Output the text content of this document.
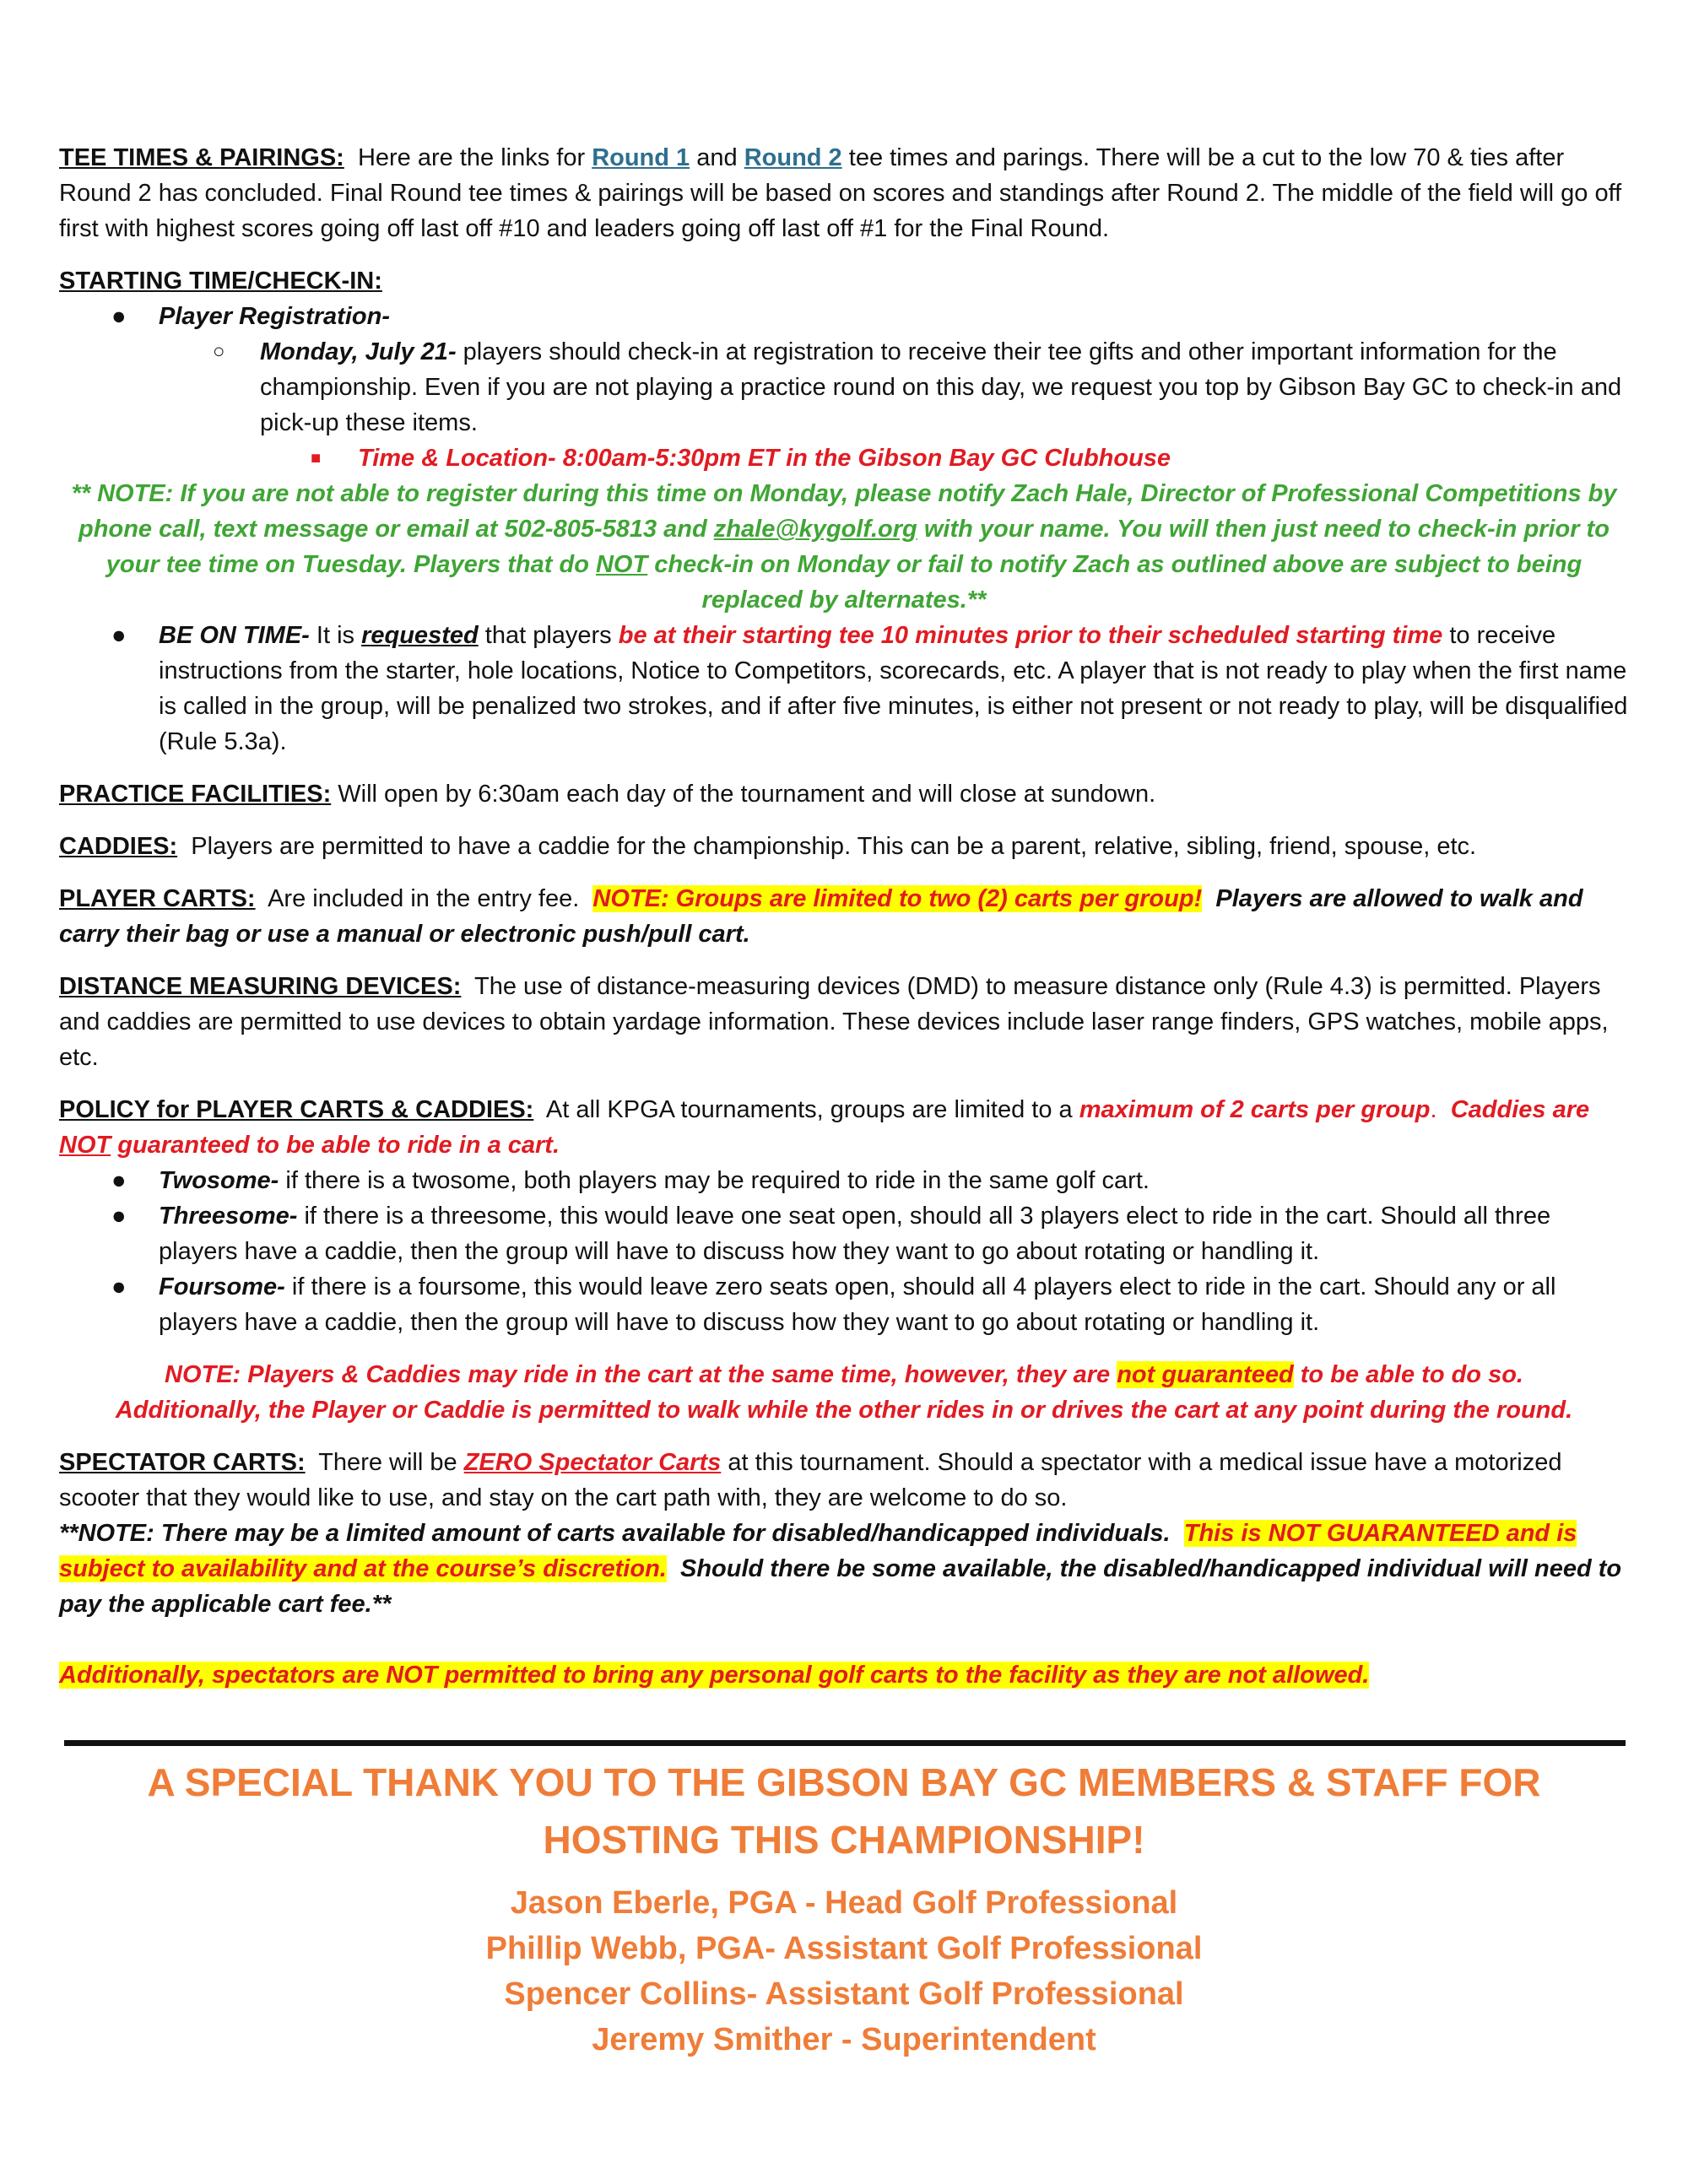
TEE TIMES & PAIRINGS: Here are the links for Round 1 and Round 2 tee times and parings. There will be a cut to the low 70 & ties after Round 2 has concluded. Final Round tee times & pairings will be based on scores and standings after Round 2. The middle of the field will go off first with highest scores going off last off #10 and leaders going off last off #1 for the Final Round.

STARTING TIME/CHECK-IN:
● Player Registration-
○ Monday, July 21- players should check-in at registration to receive their tee gifts and other important information for the championship. Even if you are not playing a practice round on this day, we request you top by Gibson Bay GC to check-in and pick-up these items.
■ Time & Location- 8:00am-5:30pm ET in the Gibson Bay GC Clubhouse
** NOTE: If you are not able to register during this time on Monday, please notify Zach Hale, Director of Professional Competitions by phone call, text message or email at 502-805-5813 and zhale@kygolf.org with your name. You will then just need to check-in prior to your tee time on Tuesday. Players that do NOT check-in on Monday or fail to notify Zach as outlined above are subject to being replaced by alternates.**
● BE ON TIME- It is requested that players be at their starting tee 10 minutes prior to their scheduled starting time to receive instructions from the starter, hole locations, Notice to Competitors, scorecards, etc. A player that is not ready to play when the first name is called in the group, will be penalized two strokes, and if after five minutes, is either not present or not ready to play, will be disqualified (Rule 5.3a).

PRACTICE FACILITIES: Will open by 6:30am each day of the tournament and will close at sundown.

CADDIES: Players are permitted to have a caddie for the championship. This can be a parent, relative, sibling, friend, spouse, etc.

PLAYER CARTS: Are included in the entry fee. NOTE: Groups are limited to two (2) carts per group! Players are allowed to walk and carry their bag or use a manual or electronic push/pull cart.

DISTANCE MEASURING DEVICES: The use of distance-measuring devices (DMD) to measure distance only (Rule 4.3) is permitted. Players and caddies are permitted to use devices to obtain yardage information. These devices include laser range finders, GPS watches, mobile apps, etc.

POLICY for PLAYER CARTS & CADDIES: At all KPGA tournaments, groups are limited to a maximum of 2 carts per group. Caddies are NOT guaranteed to be able to ride in a cart.
● Twosome- if there is a twosome, both players may be required to ride in the same golf cart.
● Threesome- if there is a threesome, this would leave one seat open, should all 3 players elect to ride in the cart. Should all three players have a caddie, then the group will have to discuss how they want to go about rotating or handling it.
● Foursome- if there is a foursome, this would leave zero seats open, should all 4 players elect to ride in the cart. Should any or all players have a caddie, then the group will have to discuss how they want to go about rotating or handling it.
NOTE: Players & Caddies may ride in the cart at the same time, however, they are not guaranteed to be able to do so.
Additionally, the Player or Caddie is permitted to walk while the other rides in or drives the cart at any point during the round.
SPECTATOR CARTS: There will be ZERO Spectator Carts at this tournament. Should a spectator with a medical issue have a motorized scooter that they would like to use, and stay on the cart path with, they are welcome to do so.
**NOTE: There may be a limited amount of carts available for disabled/handicapped individuals. This is NOT GUARANTEED and is subject to availability and at the course’s discretion. Should there be some available, the disabled/handicapped individual will need to pay the applicable cart fee.**
Additionally, spectators are NOT permitted to bring any personal golf carts to the facility as they are not allowed.
A SPECIAL THANK YOU TO THE GIBSON BAY GC MEMBERS & STAFF FOR
HOSTING THIS CHAMPIONSHIP!
Jason Eberle, PGA - Head Golf Professional
Phillip Webb, PGA- Assistant Golf Professional
Spencer Collins- Assistant Golf Professional
Jeremy Smither - Superintendent
